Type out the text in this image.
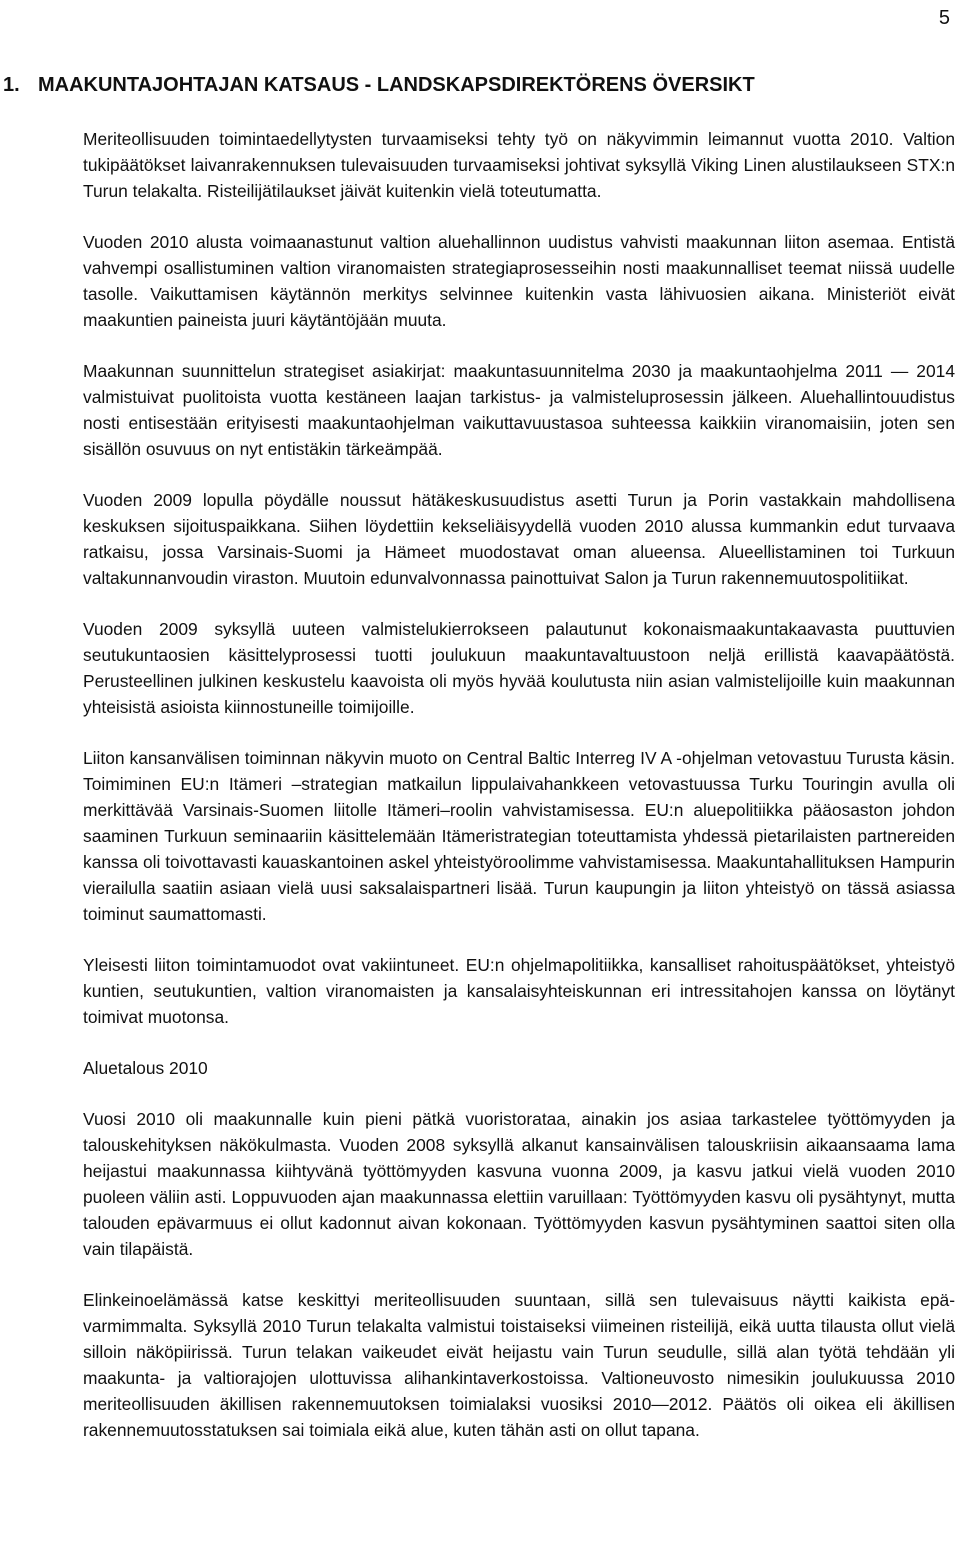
5
1. MAAKUNTAJOHTAJAN KATSAUS - LANDSKAPSDIREKTÖRENS ÖVERSIKT

Meriteollisuuden toimintaedellytysten turvaamiseksi tehty työ on näkyvimmin leimannut vuotta 2010. Valtion tukipäätökset laivanrakennuksen tulevaisuuden turvaamiseksi johtivat syksyllä Viking Linen alustilaukseen STX:n Turun telakalta. Risteilijätilaukset jäivät kuitenkin vielä toteutumatta.

Vuoden 2010 alusta voimaanastunut valtion aluehallinnon uudistus vahvisti maakunnan liiton asemaa. Entistä vahvempi osallistuminen valtion viranomaisten strategiaprosesseihin nosti maakunnalliset teemat niissä uudelle tasolle. Vaikuttamisen käytännön merkitys selvinnee kuitenkin vasta lähivuosien aikana. Ministeriöt eivät maakuntien paineista juuri käytäntöjään muuta.

Maakunnan suunnittelun strategiset asiakirjat: maakuntasuunnitelma 2030 ja maakuntaohjelma 2011 — 2014 valmistuivat puolitoista vuotta kestäneen laajan tarkistus- ja valmisteluprosessin jälkeen. Aluehallintouudistus nosti entisestään erityisesti maakuntaohjelman vaikuttavuustasoa suhteessa kaikkiin viranomaisiin, joten sen sisällön osuvuus on nyt entistäkin tärkeämpää.

Vuoden 2009 lopulla pöydälle noussut hätäkeskusuudistus asetti Turun ja Porin vastakkain mahdollisena keskuksen sijoituspaikkana. Siihen löydettiin kekseliäisyydellä vuoden 2010 alussa kummankin edut turvaava ratkaisu, jossa Varsinais-Suomi ja Hämeet muodostavat oman alueensa. Alueellistaminen toi Turkuun valtakunnanvoudin viraston. Muutoin edunvalvonnassa painottuivat Salon ja Turun rakennemuutospolitiikat.

Vuoden 2009 syksyllä uuteen valmistelukierrokseen palautunut kokonaismaakuntakaavasta puuttuvien seutukuntaosien käsittelyprosessi tuotti joulukuun maakuntavaltuustoon neljä erillistä kaavapäätöstä. Perusteellinen julkinen keskustelu kaavoista oli myös hyvää koulutusta niin asian valmistelijoille kuin maakunnan yhteisistä asioista kiinnostuneille toimijoille.

Liiton kansanvälisen toiminnan näkyvin muoto on Central Baltic Interreg IV A -ohjelman vetovastuu Turusta käsin. Toimiminen EU:n Itämeri –strategian matkailun lippulaivahankkeen vetovastuussa Turku Touringin avulla oli merkittävää Varsinais-Suomen liitolle Itämeri–roolin vahvistamisessa. EU:n aluepolitiikka pääosaston johdon saaminen Turkuun seminaariin käsittelemään Itämeristrategian toteuttamista yhdessä pietarilaisten partnereiden kanssa oli toivottavasti kauaskantoinen askel yhteistyöroolimme vahvistamisessa. Maakuntahallituksen Hampurin vierailulla saatiin asiaan vielä uusi saksalaispartneri lisää. Turun kaupungin ja liiton yhteistyö on tässä asiassa toiminut saumattomasti.

Yleisesti liiton toimintamuodot ovat vakiintuneet. EU:n ohjelmapolitiikka, kansalliset rahoituspäätökset, yhteistyö kuntien, seutukuntien, valtion viranomaisten ja kansalaisyhteiskunnan eri intressitahojen kanssa on löytänyt toimivat muotonsa.

Aluetalous 2010

Vuosi 2010 oli maakunnalle kuin pieni pätkä vuoristorataa, ainakin jos asiaa tarkastelee työttömyyden ja talouskehityksen näkökulmasta. Vuoden 2008 syksyllä alkanut kansainvälisen talouskriisin aikaansaama lama heijastui maakunnassa kiihtyvänä työttömyyden kasvuna vuonna 2009, ja kasvu jatkui vielä vuoden 2010 puoleen väliin asti. Loppuvuoden ajan maakunnassa elettiin varuillaan: Työttömyyden kasvu oli pysähtynyt, mutta talouden epävarmuus ei ollut kadonnut aivan kokonaan. Työttömyyden kasvun pysähtyminen saattoi siten olla vain tilapäistä.

Elinkeinoelämässä katse keskittyi meriteollisuuden suuntaan, sillä sen tulevaisuus näytti kaikista epävarmimmalta. Syksyllä 2010 Turun telakalta valmistui toistaiseksi viimeinen risteilijä, eikä uutta tilausta ollut vielä silloin näköpiirissä. Turun telakan vaikeudet eivät heijastu vain Turun seudulle, sillä alan työtä tehdään yli maakunta- ja valtiorajojen ulottuvissa alihankintaverkostoissa. Valtioneuvosto nimesikin joulukuussa 2010 meriteollisuuden äkillisen rakennemuutoksen toimialaksi vuosiksi 2010—2012. Päätös oli oikea eli äkillisen rakennemuutosstatuksen sai toimiala eikä alue, kuten tähän asti on ollut tapana.
